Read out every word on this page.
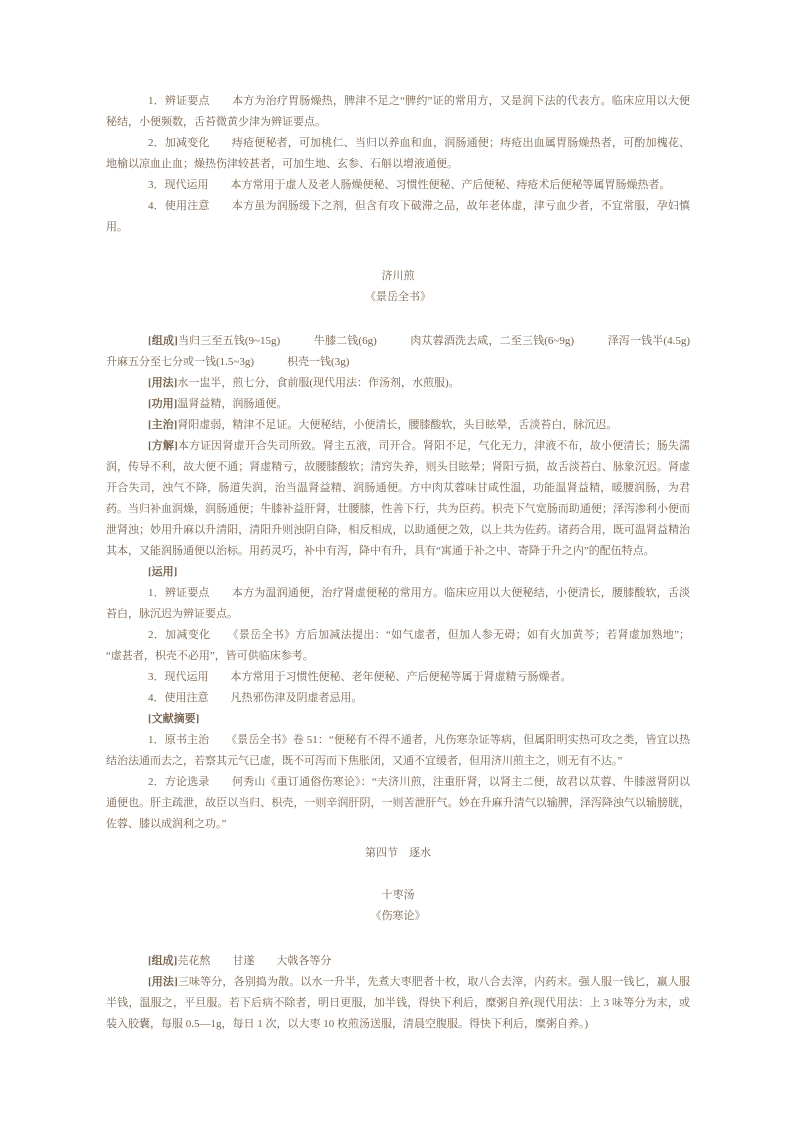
1．辨证要点　　本方为治疗胃肠燥热，脾津不足之“脾约”证的常用方，又是润下法的代表方。临床应用以大便秘结，小便频数，舌苔微黄少津为辨证要点。

2．加减变化　　痔疮便秘者，可加桃仁、当归以养血和血，润肠通便；痔疮出血属胃肠燥热者，可酌加槐花、地榆以凉血止血；燥热伤津较甚者，可加生地、玄参、石斛以增液通便。

3．现代运用　　本方常用于虚人及老人肠燥便秘、习惯性便秘、产后便秘、痔疮术后便秘等属胃肠燥热者。

4．使用注意　　本方虽为润肠缓下之剂，但含有攻下破滞之品，故年老体虚，津亏血少者，不宜常服，孕妇慎用。

济川煎

《景岳全书》

[组成]当归三至五钱(9~15g)　　　牛膝二钱(6g)　　　肉苁蓉酒洗去咸，二至三钱(6~9g)　　　泽泻一钱半(4.5g)　　　升麻五分至七分或一钱(1.5~3g)　　　枳壳一钱(3g)

[用法]水一盅半，煎七分，食前服(现代用法：作汤剂，水煎服)。

[功用]温肾益精，润肠通便。

[主治]肾阳虚弱，精津不足证。大便秘结，小便清长，腰膝酸软，头目眩晕，舌淡苔白，脉沉迟。

[方解]本方证因肾虚开合失司所致。肾主五液，司开合。肾阳不足，气化无力，津液不布，故小便清长；肠失濡润，传导不利，故大便不通；肾虚精亏，故腰膝酸软；清窍失养，则头目眩晕；肾阳亏损，故舌淡苔白、脉象沉迟。肾虚开合失司，浊气不降，肠道失润，治当温肾益精、润肠通便。方中肉苁蓉味甘咸性温，功能温肾益精，暖腰润肠，为君药。当归补血润燥，润肠通便；牛膝补益肝肾，壮腰膝，性善下行，共为臣药。枳壳下气宽肠而助通便；泽泻渗利小便而泄肾浊；妙用升麻以升清阳，清阳升则浊阴自降，相反相成，以助通便之效，以上共为佐药。诸药合用，既可温肾益精治其本，又能润肠通便以治标。用药灵巧，补中有泻，降中有升，具有“寓通于补之中、寄降于升之内”的配伍特点。

[运用]

1．辨证要点　　本方为温润通便，治疗肾虚便秘的常用方。临床应用以大便秘结，小便清长，腰膝酸软，舌淡苔白，脉沉迟为辨证要点。

2．加减变化　　《景岳全书》方后加减法提出：“如气虚者，但加人参无碍；如有火加黄芩；若肾虚加熟地”；“虚甚者，枳壳不必用”，皆可供临床参考。

3．现代运用　　本方常用于习惯性便秘、老年便秘、产后便秘等属于肾虚精亏肠燥者。

4．使用注意　　凡热邪伤津及阴虚者忌用。

[文献摘要]

1．原书主治　　《景岳全书》卷 51：“便秘有不得不通者，凡伤寒杂证等病，但属阳明实热可攻之类，皆宜以热结治法通而去之，若察其元气已虚，既不可泻而下焦胀闭，又通不宜缓者，但用济川煎主之，则无有不达。”

2．方论选录　　何秀山《重订通俗伤寒论》：“夫济川煎，注重肝肾，以肾主二便，故君以苁蓉、牛膝滋肾阴以通便也。肝主疏泄，故臣以当归、枳壳，一则辛润肝阴，一则苦泄肝气。妙在升麻升清气以输脾，泽泻降浊气以输膀胱，佐蓉、膝以成润利之功。”

第四节　逐水
十枣汤

《伤寒论》

[组成]芫花熬　　甘遂　　大戟各等分

[用法]三味等分，各别捣为散。以水一升半，先煮大枣肥者十枚，取八合去滓，内药末。强人服一钱匕，羸人服半钱，温服之，平旦服。若下后病不除者，明日更服，加半钱，得快下利后，糜粥自养(现代用法：上 3 味等分为末，或装入胶囊，每服 0.5—1g，每日 1 次，以大枣 10 枚煎汤送服，清晨空腹服。得快下利后，糜粥自养。)
